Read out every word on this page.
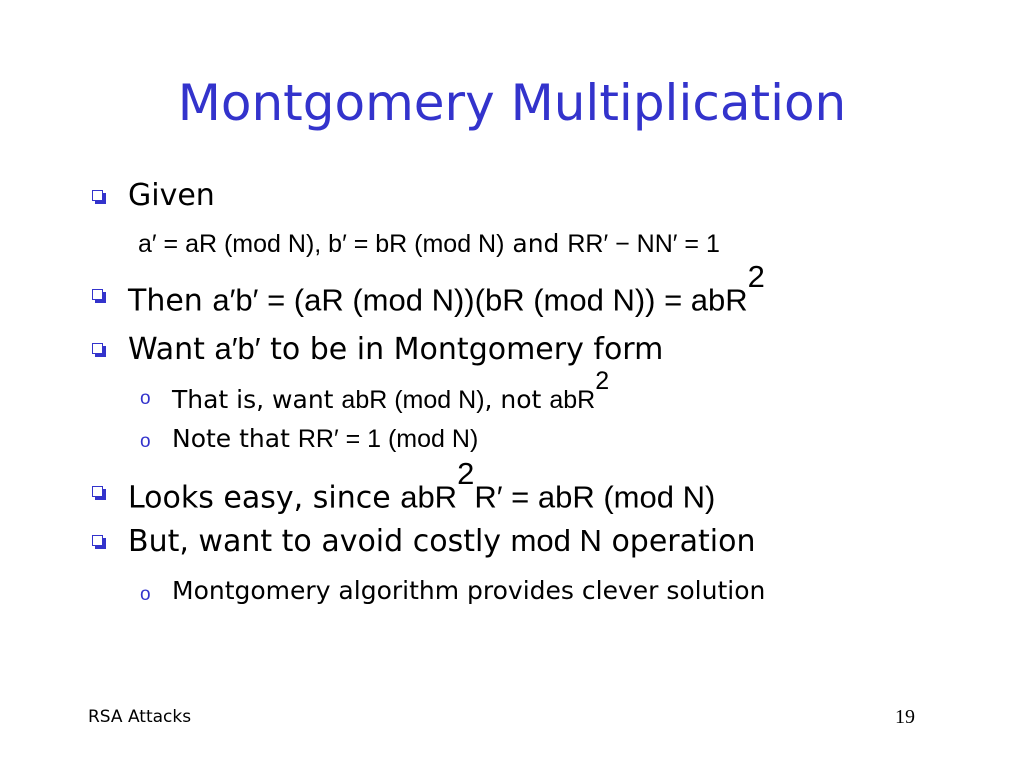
Montgomery Multiplication
Given
a′ = aR (mod N), b′ = bR (mod N) and RR′ − NN′ = 1
Then a′b′ = (aR (mod N))(bR (mod N)) = abR$^2$
Want a′b′ to be in Montgomery form
o That is, want abR (mod N), not abR$^2$
o Note that RR′ = 1 (mod N)
Looks easy, since abR$^2$R′ = abR (mod N)
But, want to avoid costly mod N operation
o Montgomery algorithm provides clever solution
RSA Attacks	19
